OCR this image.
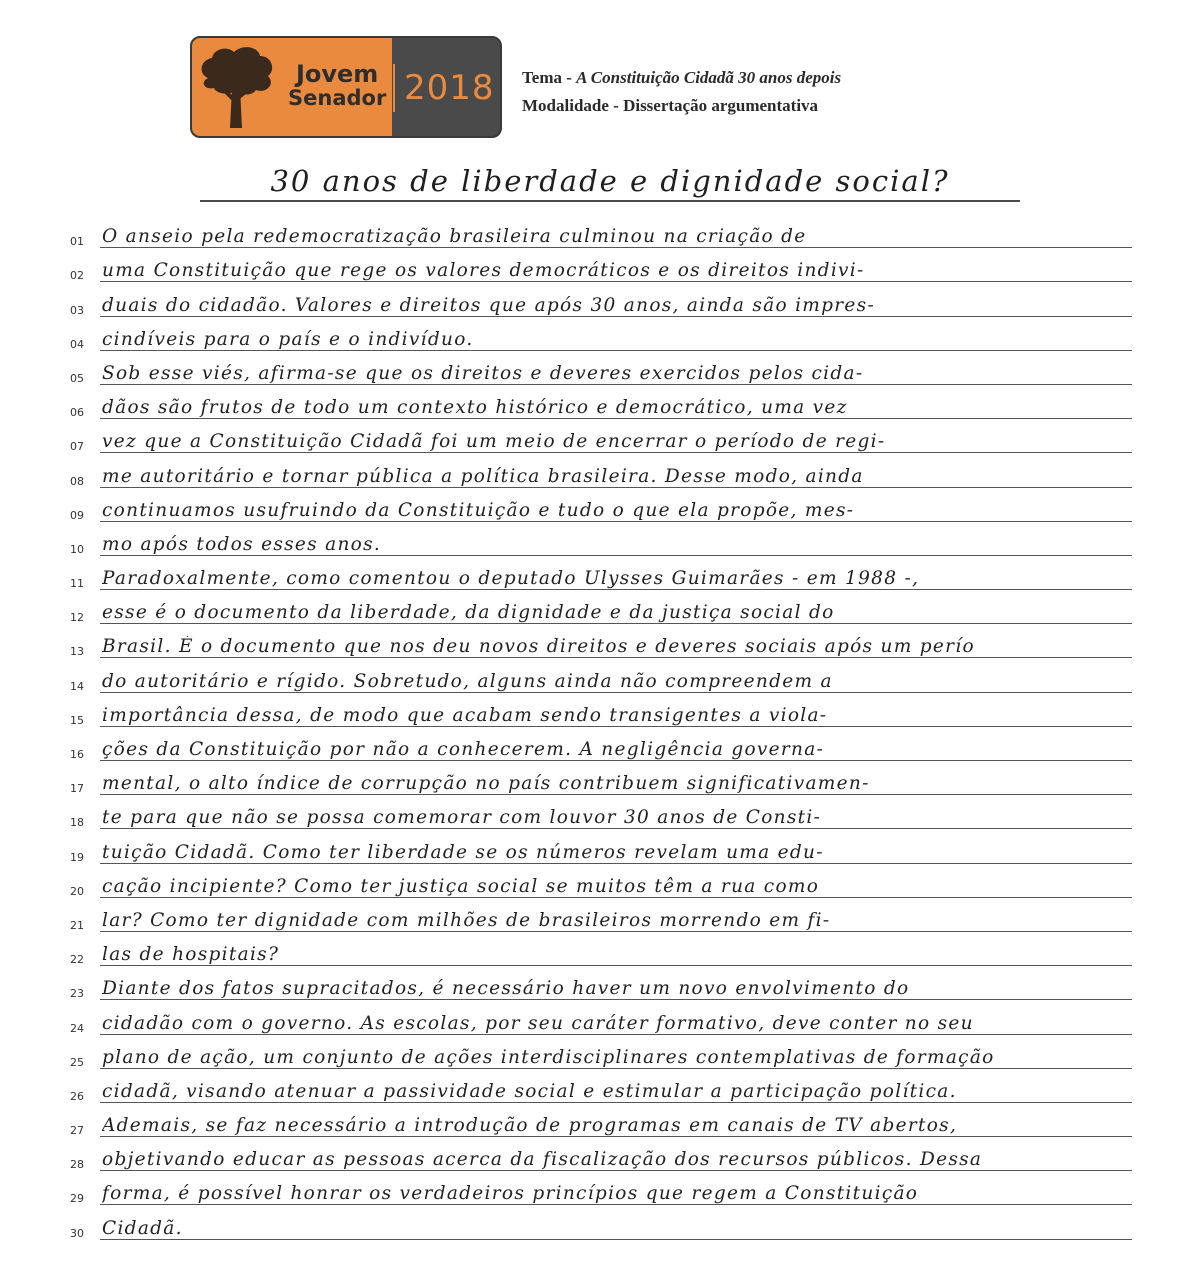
Jovem
Senador 2018 Tema - A Constituição Cidadã 30 anos depois
Modalidade - Dissertação argumentativa
30 anos de liberdade e dignidade social?
01 O anseio pela redemocratização brasileira culminou na criação de
02 uma Constituição que rege os valores democráticos e os direitos indivi-
03 duais do cidadão. Valores e direitos que após 30 anos, ainda são impres-
04 cindíveis para o país e o indivíduo.
05 Sob esse viés, afirma-se que os direitos e deveres exercidos pelos cida-
06 dãos são frutos de todo um contexto histórico e democrático, uma vez
07 vez que a Constituição Cidadã foi um meio de encerrar o período de regi-
08 me autoritário e tornar pública a política brasileira. Desse modo, ainda
09 continuamos usufruindo da Constituição e tudo o que ela propõe, mes-
10 mo após todos esses anos.
11 Paradoxalmente, como comentou o deputado Ulysses Guimarães - em 1988 -,
12 esse é o documento da liberdade, da dignidade e da justiça social do
13 Brasil. É o documento que nos deu novos direitos e deveres sociais após um perío
14 do autoritário e rígido. Sobretudo, alguns ainda não compreendem a
15 importância dessa, de modo que acabam sendo transigentes a viola-
16 ções da Constituição por não a conhecerem. A negligência governa-
17 mental, o alto índice de corrupção no país contribuem significativamen-
18 te para que não se possa comemorar com louvor 30 anos de Consti-
19 tuição Cidadã. Como ter liberdade se os números revelam uma edu-
20 cação incipiente? Como ter justiça social se muitos têm a rua como
21 lar? Como ter dignidade com milhões de brasileiros morrendo em fi-
22 las de hospitais?
23 Diante dos fatos supracitados, é necessário haver um novo envolvimento do
24 cidadão com o governo. As escolas, por seu caráter formativo, deve conter no seu
25 plano de ação, um conjunto de ações interdisciplinares contemplativas de formação
26 cidadã, visando atenuar a passividade social e estimular a participação política.
27 Ademais, se faz necessário a introdução de programas em canais de TV abertos,
28 objetivando educar as pessoas acerca da fiscalização dos recursos públicos. Dessa
29 forma, é possível honrar os verdadeiros princípios que regem a Constituição
30 Cidadã.
